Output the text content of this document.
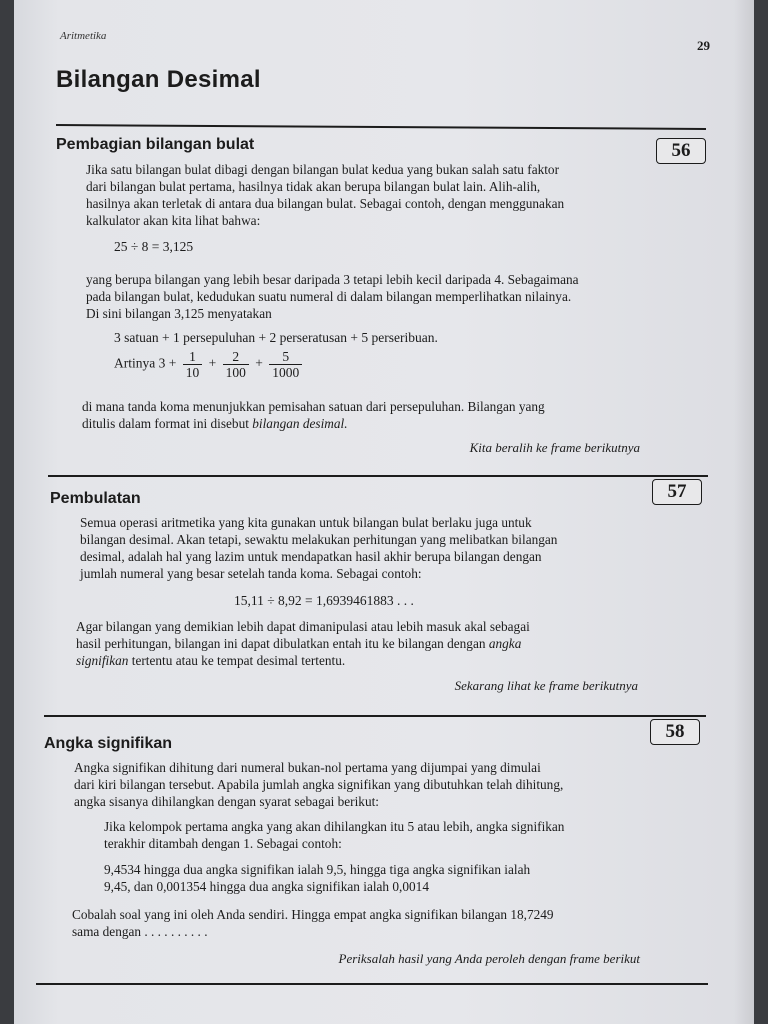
Aritmetika
29
Bilangan Desimal
Pembagian bilangan bulat	56
Jika satu bilangan bulat dibagi dengan bilangan bulat kedua yang bukan salah satu faktor
dari bilangan bulat pertama, hasilnya tidak akan berupa bilangan bulat lain. Alih-alih,
hasilnya akan terletak di antara dua bilangan bulat. Sebagai contoh, dengan menggunakan
kalkulator akan kita lihat bahwa:
25 ÷ 8 = 3,125
yang berupa bilangan yang lebih besar daripada 3 tetapi lebih kecil daripada 4. Sebagaimana
pada bilangan bulat, kedudukan suatu numeral di dalam bilangan memperlihatkan nilainya.
Di sini bilangan 3,125 menyatakan
3 satuan + 1 persepuluhan + 2 perseratusan + 5 perseribuan.
Artinya $3 + \frac{1}{10} + \frac{2}{100} + \frac{5}{1000}$
di mana tanda koma menunjukkan pemisahan satuan dari persepuluhan. Bilangan yang
ditulis dalam format ini disebut bilangan desimal.
Kita beralih ke frame berikutnya
Pembulatan	57
Semua operasi aritmetika yang kita gunakan untuk bilangan bulat berlaku juga untuk
bilangan desimal. Akan tetapi, sewaktu melakukan perhitungan yang melibatkan bilangan
desimal, adalah hal yang lazim untuk mendapatkan hasil akhir berupa bilangan dengan
jumlah numeral yang besar setelah tanda koma. Sebagai contoh:
15,11 ÷ 8,92 = 1,6939461883 . . .
Agar bilangan yang demikian lebih dapat dimanipulasi atau lebih masuk akal sebagai
hasil perhitungan, bilangan ini dapat dibulatkan entah itu ke bilangan dengan angka
signifikan tertentu atau ke tempat desimal tertentu.
Sekarang lihat ke frame berikutnya
Angka signifikan
58
Angka signifikan dihitung dari numeral bukan-nol pertama yang dijumpai yang dimulai
dari kiri bilangan tersebut. Apabila jumlah angka signifikan yang dibutuhkan telah dihitung,
angka sisanya dihilangkan dengan syarat sebagai berikut:
Jika kelompok pertama angka yang akan dihilangkan itu 5 atau lebih, angka signifikan
terakhir ditambah dengan 1. Sebagai contoh:
9,4534 hingga dua angka signifikan ialah 9,5, hingga tiga angka signifikan ialah
9,45, dan 0,001354 hingga dua angka signifikan ialah 0,0014
Cobalah soal yang ini oleh Anda sendiri. Hingga empat angka signifikan bilangan 18,7249
sama dengan . . . . . . . . . .
Periksalah hasil yang Anda peroleh dengan frame berikut
